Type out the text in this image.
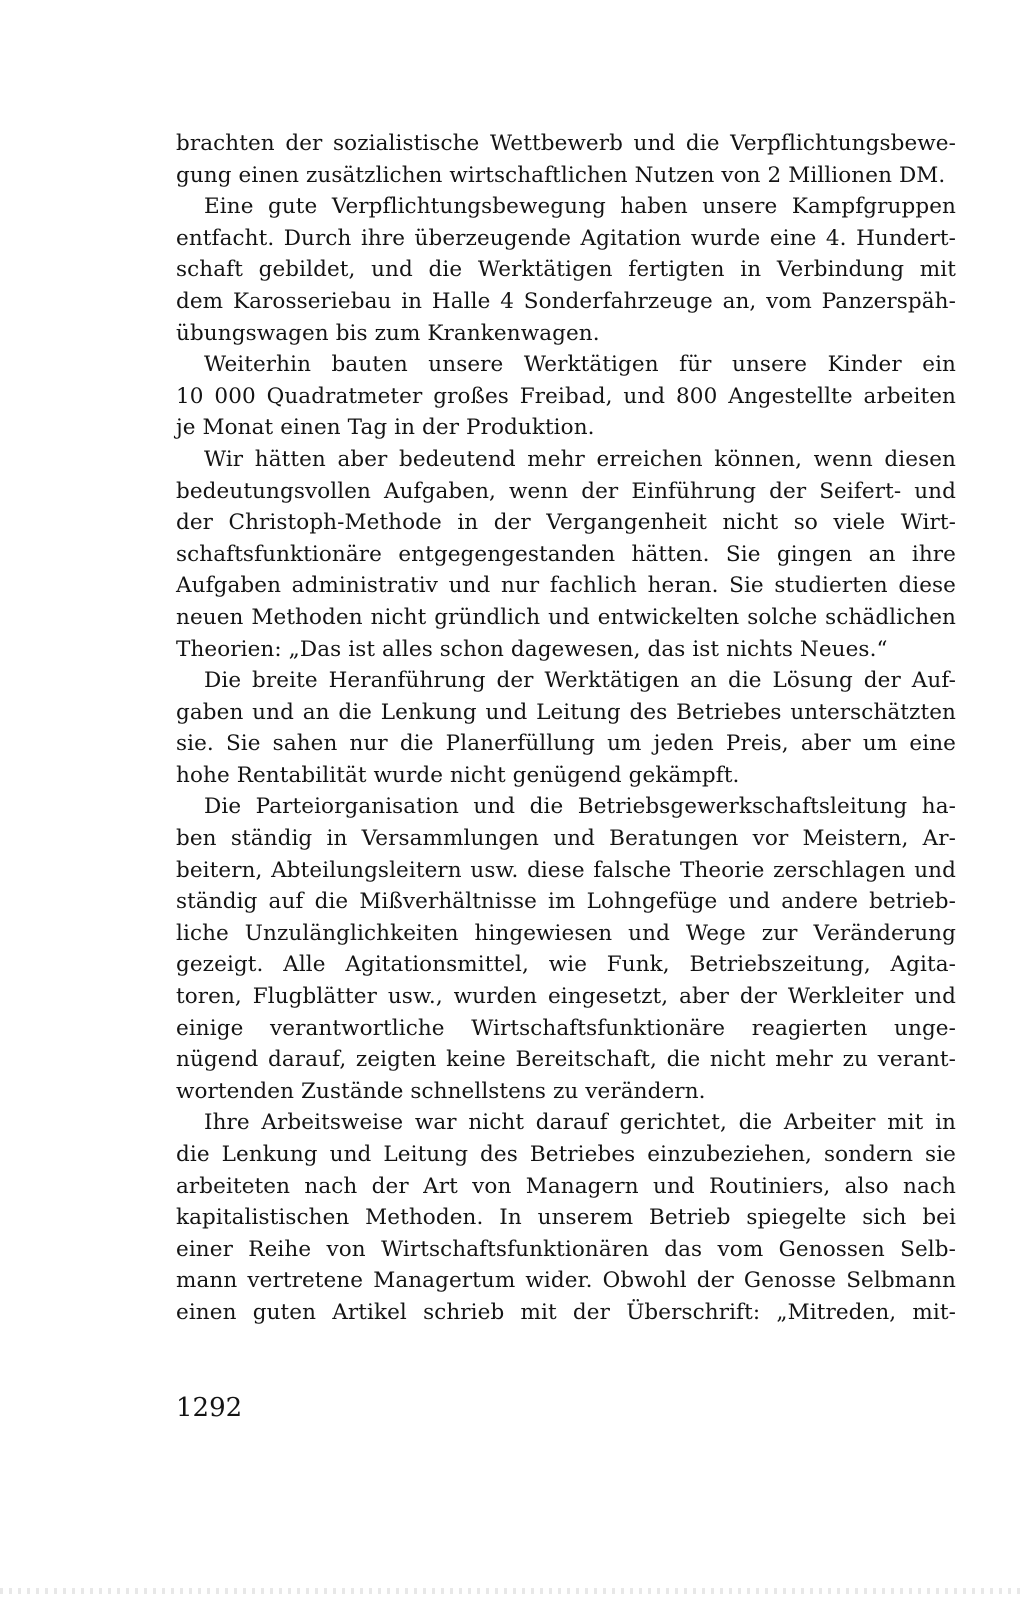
brachten der sozialistische Wettbewerb und die Verpflichtungsbewe-
gung einen zusätzlichen wirtschaftlichen Nutzen von 2 Millionen DM.
Eine gute Verpflichtungsbewegung haben unsere Kampfgruppen
entfacht. Durch ihre überzeugende Agitation wurde eine 4. Hundert-
schaft gebildet, und die Werktätigen fertigten in Verbindung mit
dem Karosseriebau in Halle 4 Sonderfahrzeuge an, vom Panzerspäh-
übungswagen bis zum Krankenwagen.
Weiterhin bauten unsere Werktätigen für unsere Kinder ein
10 000 Quadratmeter großes Freibad, und 800 Angestellte arbeiten
je Monat einen Tag in der Produktion.
Wir hätten aber bedeutend mehr erreichen können, wenn diesen
bedeutungsvollen Aufgaben, wenn der Einführung der Seifert- und
der Christoph-Methode in der Vergangenheit nicht so viele Wirt-
schaftsfunktionäre entgegengestanden hätten. Sie gingen an ihre
Aufgaben administrativ und nur fachlich heran. Sie studierten diese
neuen Methoden nicht gründlich und entwickelten solche schädlichen
Theorien: „Das ist alles schon dagewesen, das ist nichts Neues.“
Die breite Heranführung der Werktätigen an die Lösung der Auf-
gaben und an die Lenkung und Leitung des Betriebes unterschätzten
sie. Sie sahen nur die Planerfüllung um jeden Preis, aber um eine
hohe Rentabilität wurde nicht genügend gekämpft.
Die Parteiorganisation und die Betriebsgewerkschaftsleitung ha-
ben ständig in Versammlungen und Beratungen vor Meistern, Ar-
beitern, Abteilungsleitern usw. diese falsche Theorie zerschlagen und
ständig auf die Mißverhältnisse im Lohngefüge und andere betrieb-
liche Unzulänglichkeiten hingewiesen und Wege zur Veränderung
gezeigt. Alle Agitationsmittel, wie Funk, Betriebszeitung, Agita-
toren, Flugblätter usw., wurden eingesetzt, aber der Werkleiter und
einige verantwortliche Wirtschaftsfunktionäre reagierten unge-
nügend darauf, zeigten keine Bereitschaft, die nicht mehr zu verant-
wortenden Zustände schnellstens zu verändern.
Ihre Arbeitsweise war nicht darauf gerichtet, die Arbeiter mit in
die Lenkung und Leitung des Betriebes einzubeziehen, sondern sie
arbeiteten nach der Art von Managern und Routiniers, also nach
kapitalistischen Methoden. In unserem Betrieb spiegelte sich bei
einer Reihe von Wirtschaftsfunktionären das vom Genossen Selb-
mann vertretene Managertum wider. Obwohl der Genosse Selbmann
einen guten Artikel schrieb mit der Überschrift: „Mitreden, mit-
1292
